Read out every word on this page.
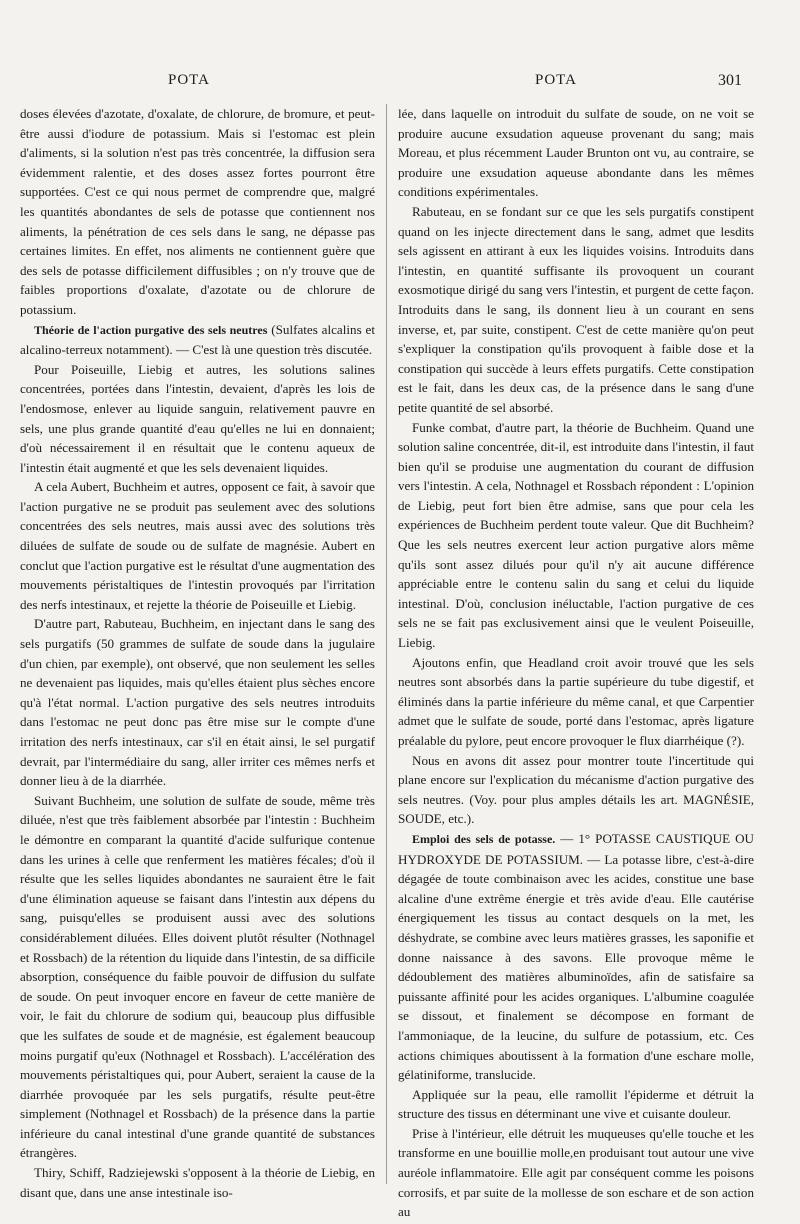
POTA	POTA	301

doses élevées d'azotate, d'oxalate, de chlorure, de bromure, et peut-être aussi d'iodure de potassium. Mais si l'estomac est plein d'aliments, si la solution n'est pas très concentrée, la diffusion sera évidemment ralentie, et des doses assez fortes pourront être supportées. C'est ce qui nous permet de comprendre que, malgré les quantités abondantes de sels de potasse que contiennent nos aliments, la pénétration de ces sels dans le sang, ne dépasse pas certaines limites. En effet, nos aliments ne contiennent guère que des sels de potasse difficilement diffusibles ; on n'y trouve que de faibles proportions d'oxalate, d'azotate ou de chlorure de potassium.

Théorie de l'action purgative des sels neutres (Sulfates alcalins et alcalino-terreux notamment). — C'est là une question très discutée.

Pour Poiseuille, Liebig et autres, les solutions salines concentrées, portées dans l'intestin, devaient, d'après les lois de l'endosmose, enlever au liquide sanguin, relativement pauvre en sels, une plus grande quantité d'eau qu'elles ne lui en donnaient; d'où nécessairement il en résultait que le contenu aqueux de l'intestin était augmenté et que les sels devenaient liquides.

A cela Aubert, Buchheim et autres, opposent ce fait, à savoir que l'action purgative ne se produit pas seulement avec des solutions concentrées des sels neutres, mais aussi avec des solutions très diluées de sulfate de soude ou de sulfate de magnésie. Aubert en conclut que l'action purgative est le résultat d'une augmentation des mouvements péristaltiques de l'intestin provoqués par l'irritation des nerfs intestinaux, et rejette la théorie de Poiseuille et Liebig.

D'autre part, Rabuteau, Buchheim, en injectant dans le sang des sels purgatifs (50 grammes de sulfate de soude dans la jugulaire d'un chien, par exemple), ont observé, que non seulement les selles ne devenaient pas liquides, mais qu'elles étaient plus sèches encore qu'à l'état normal. L'action purgative des sels neutres introduits dans l'estomac ne peut donc pas être mise sur le compte d'une irritation des nerfs intestinaux, car s'il en était ainsi, le sel purgatif devrait, par l'intermédiaire du sang, aller irriter ces mêmes nerfs et donner lieu à de la diarrhée.

Suivant Buchheim, une solution de sulfate de soude, même très diluée, n'est que très faiblement absorbée par l'intestin : Buchheim le démontre en comparant la quantité d'acide sulfurique contenue dans les urines à celle que renferment les matières fécales; d'où il résulte que les selles liquides abondantes ne sauraient être le fait d'une élimination aqueuse se faisant dans l'intestin aux dépens du sang, puisqu'elles se produisent aussi avec des solutions considérablement diluées. Elles doivent plutôt résulter (Nothnagel et Rossbach) de la rétention du liquide dans l'intestin, de sa difficile absorption, conséquence du faible pouvoir de diffusion du sulfate de soude. On peut invoquer encore en faveur de cette manière de voir, le fait du chlorure de sodium qui, beaucoup plus diffusible que les sulfates de soude et de magnésie, est également beaucoup moins purgatif qu'eux (Nothnagel et Rossbach). L'accélération des mouvements péristaltiques qui, pour Aubert, seraient la cause de la diarrhée provoquée par les sels purgatifs, résulte peut-être simplement (Nothnagel et Rossbach) de la présence dans la partie inférieure du canal intestinal d'une grande quantité de substances étrangères.

Thiry, Schiff, Radziejewski s'opposent à la théorie de Liebig, en disant que, dans une anse intestinale iso-

lée, dans laquelle on introduit du sulfate de soude, on ne voit se produire aucune exsudation aqueuse provenant du sang; mais Moreau, et plus récemment Lauder Brunton ont vu, au contraire, se produire une exsudation aqueuse abondante dans les mêmes conditions expérimentales.

Rabuteau, en se fondant sur ce que les sels purgatifs constipent quand on les injecte directement dans le sang, admet que lesdits sels agissent en attirant à eux les liquides voisins. Introduits dans l'intestin, en quantité suffisante ils provoquent un courant exosmotique dirigé du sang vers l'intestin, et purgent de cette façon. Introduits dans le sang, ils donnent lieu à un courant en sens inverse, et, par suite, constipent. C'est de cette manière qu'on peut s'expliquer la constipation qu'ils provoquent à faible dose et la constipation qui succède à leurs effets purgatifs. Cette constipation est le fait, dans les deux cas, de la présence dans le sang d'une petite quantité de sel absorbé.

Funke combat, d'autre part, la théorie de Buchheim. Quand une solution saline concentrée, dit-il, est introduite dans l'intestin, il faut bien qu'il se produise une augmentation du courant de diffusion vers l'intestin. A cela, Nothnagel et Rossbach répondent : L'opinion de Liebig, peut fort bien être admise, sans que pour cela les expériences de Buchheim perdent toute valeur. Que dit Buchheim? Que les sels neutres exercent leur action purgative alors même qu'ils sont assez dilués pour qu'il n'y ait aucune différence appréciable entre le contenu salin du sang et celui du liquide intestinal. D'où, conclusion inéluctable, l'action purgative de ces sels ne se fait pas exclusivement ainsi que le veulent Poiseuille, Liebig.

Ajoutons enfin, que Headland croit avoir trouvé que les sels neutres sont absorbés dans la partie supérieure du tube digestif, et éliminés dans la partie inférieure du même canal, et que Carpentier admet que le sulfate de soude, porté dans l'estomac, après ligature préalable du pylore, peut encore provoquer le flux diarrhéique (?).

Nous en avons dit assez pour montrer toute l'incertitude qui plane encore sur l'explication du mécanisme d'action purgative des sels neutres. (Voy. pour plus amples détails les art. MAGNÉSIE, SOUDE, etc.).

Emploi des sels de potasse. — 1° POTASSE CAUSTIQUE OU HYDROXYDE DE POTASSIUM. — La potasse libre, c'est-à-dire dégagée de toute combinaison avec les acides, constitue une base alcaline d'une extrême énergie et très avide d'eau. Elle cautérise énergiquement les tissus au contact desquels on la met, les déshydrate, se combine avec leurs matières grasses, les saponifie et donne naissance à des savons. Elle provoque même le dédoublement des matières albuminoïdes, afin de satisfaire sa puissante affinité pour les acides organiques. L'albumine coagulée se dissout, et finalement se décompose en formant de l'ammoniaque, de la leucine, du sulfure de potassium, etc. Ces actions chimiques aboutissent à la formation d'une eschare molle, gélatiniforme, translucide.

Appliquée sur la peau, elle ramollit l'épiderme et détruit la structure des tissus en déterminant une vive et cuisante douleur.

Prise à l'intérieur, elle détruit les muqueuses qu'elle touche et les transforme en une bouillie molle,en produisant tout autour une vive auréole inflammatoire. Elle agit par conséquent comme les poisons corrosifs, et par suite de la mollesse de son eschare et de son action au
